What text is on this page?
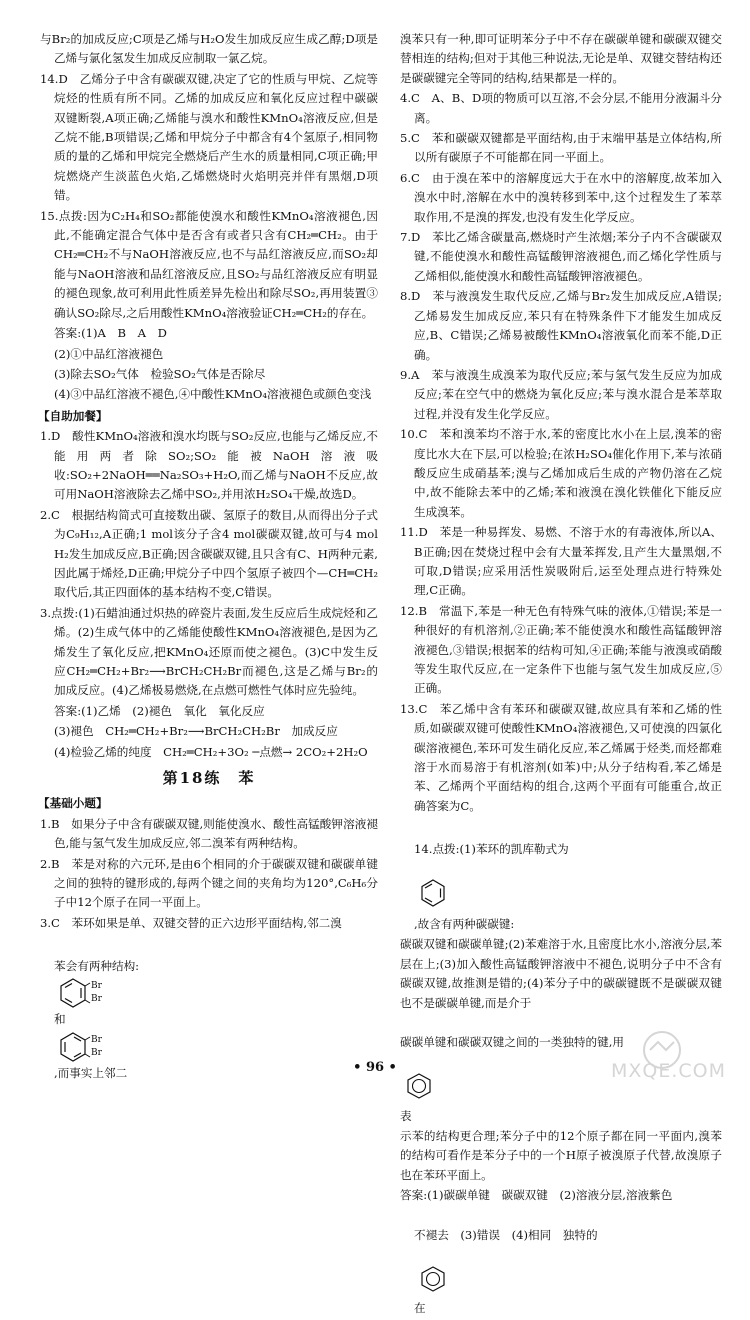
与Br₂的加成反应;C项是乙烯与H₂O发生加成反应生成乙醇;D项是乙烯与氯化氢发生加成反应制取一氯乙烷。

14.D　乙烯分子中含有碳碳双键,决定了它的性质与甲烷、乙烷等烷烃的性质有所不同。乙烯的加成反应和氧化反应过程中碳碳双键断裂,A项正确;乙烯能与溴水和酸性KMnO₄溶液反应,但是乙烷不能,B项错误;乙烯和甲烷分子中都含有4个氢原子,相同物质的量的乙烯和甲烷完全燃烧后产生水的质量相同,C项正确;甲烷燃烧产生淡蓝色火焰,乙烯燃烧时火焰明亮并伴有黑烟,D项错。

15.点拨:因为C₂H₄和SO₂都能使溴水和酸性KMnO₄溶液褪色,因此,不能确定混合气体中是否含有或者只含有CH₂═CH₂。由于CH₂═CH₂不与NaOH溶液反应,也不与品红溶液反应,而SO₂却能与NaOH溶液和品红溶液反应,且SO₂与品红溶液反应有明显的褪色现象,故可利用此性质差异先检出和除尽SO₂,再用装置③确认SO₂除尽,之后用酸性KMnO₄溶液验证CH₂═CH₂的存在。

答案:(1)A　B　A　D

(2)①中品红溶液褪色

(3)除去SO₂气体　检验SO₂气体是否除尽

(4)③中品红溶液不褪色,④中酸性KMnO₄溶液褪色或颜色变浅

【自助加餐】

1.D　酸性KMnO₄溶液和溴水均既与SO₂反应,也能与乙烯反应,不能用两者除SO₂;SO₂能被NaOH溶液吸收:SO₂+2NaOH══Na₂SO₃+H₂O,而乙烯与NaOH不反应,故可用NaOH溶液除去乙烯中SO₂,并用浓H₂SO₄干燥,故选D。

2.C　根据结构简式可直接数出碳、氢原子的数目,从而得出分子式为C₉H₁₂,A正确;1 mol该分子含4 mol碳碳双键,故可与4 mol H₂发生加成反应,B正确;因含碳碳双键,且只含有C、H两种元素,因此属于烯烃,D正确;甲烷分子中四个氢原子被四个—CH═CH₂取代后,其正四面体的基本结构不变,C错误。

3.点拨:(1)石蜡油通过炽热的碎瓷片表面,发生反应后生成烷烃和乙烯。(2)生成气体中的乙烯能使酸性KMnO₄溶液褪色,是因为乙烯发生了氧化反应,把KMnO₄还原而使之褪色。(3)C中发生反应CH₂═CH₂+Br₂⟶BrCH₂CH₂Br而褪色,这是乙烯与Br₂的加成反应。(4)乙烯极易燃烧,在点燃可燃性气体时应先验纯。

答案:(1)乙烯　(2)褪色　氧化　氧化反应

(3)褪色　CH₂═CH₂+Br₂⟶BrCH₂CH₂Br　加成反应

(4)检验乙烯的纯度　CH₂═CH₂+3O₂ ─点燃→ 2CO₂+2H₂O

第18练　苯

【基础小题】

1.B　如果分子中含有碳碳双键,则能使溴水、酸性高锰酸钾溶液褪色,能与氢气发生加成反应,邻二溴苯有两种结构。

2.B　苯是对称的六元环,是由6个相同的介于碳碳双键和碳碳单键之间的独特的键形成的,每两个键之间的夹角均为120°,C₆H₆分子中12个原子在同一平面上。

3.C　苯环如果是单、双键交替的正六边形平面结构,邻二溴

苯会有两种结构:

Br
Br

和

Br
Br

,而事实上邻二

溴苯只有一种,即可证明苯分子中不存在碳碳单键和碳碳双键交替相连的结构;但对于其他三种说法,无论是单、双键交替结构还是碳碳键完全等同的结构,结果都是一样的。

4.C　A、B、D项的物质可以互溶,不会分层,不能用分液漏斗分离。

5.C　苯和碳碳双键都是平面结构,由于末端甲基是立体结构,所以所有碳原子不可能都在同一平面上。

6.C　由于溴在苯中的溶解度远大于在水中的溶解度,故苯加入溴水中时,溶解在水中的溴转移到苯中,这个过程发生了苯萃取作用,不是溴的挥发,也没有发生化学反应。

7.D　苯比乙烯含碳量高,燃烧时产生浓烟;苯分子内不含碳碳双键,不能使溴水和酸性高锰酸钾溶液褪色,而乙烯化学性质与乙烯相似,能使溴水和酸性高锰酸钾溶液褪色。

8.D　苯与液溴发生取代反应,乙烯与Br₂发生加成反应,A错误;乙烯易发生加成反应,苯只有在特殊条件下才能发生加成反应,B、C错误;乙烯易被酸性KMnO₄溶液氧化而苯不能,D正确。

9.A　苯与液溴生成溴苯为取代反应;苯与氢气发生反应为加成反应;苯在空气中的燃烧为氧化反应;苯与溴水混合是苯萃取过程,并没有发生化学反应。

10.C　苯和溴苯均不溶于水,苯的密度比水小在上层,溴苯的密度比水大在下层,可以检验;在浓H₂SO₄催化作用下,苯与浓硝酸反应生成硝基苯;溴与乙烯加成后生成的产物仍溶在乙烷中,故不能除去苯中的乙烯;苯和液溴在溴化铁催化下能反应生成溴苯。

11.D　苯是一种易挥发、易燃、不溶于水的有毒液体,所以A、B正确;因在焚烧过程中会有大量苯挥发,且产生大量黑烟,不可取,D错误;应采用活性炭吸附后,运至处理点进行特殊处理,C正确。

12.B　常温下,苯是一种无色有特殊气味的液体,①错误;苯是一种很好的有机溶剂,②正确;苯不能使溴水和酸性高锰酸钾溶液褪色,③错误;根据苯的结构可知,④正确;苯能与液溴或硝酸等发生取代反应,在一定条件下也能与氢气发生加成反应,⑤正确。

13.C　苯乙烯中含有苯环和碳碳双键,故应具有苯和乙烯的性质,如碳碳双键可使酸性KMnO₄溶液褪色,又可使溴的四氯化碳溶液褪色,苯环可发生硝化反应,苯乙烯属于烃类,而烃都难溶于水而易溶于有机溶剂(如苯)中;从分子结构看,苯乙烯是苯、乙烯两个平面结构的组合,这两个平面有可能重合,故正确答案为C。

14.点拨:(1)苯环的凯库勒式为

,故含有两种碳碳键:

碳碳双键和碳碳单键;(2)苯难溶于水,且密度比水小,溶液分层,苯层在上;(3)加入酸性高锰酸钾溶液中不褪色,说明分子中不含有碳碳双键,故推测是错的;(4)苯分子中的碳碳键既不是碳碳双键也不是碳碳单键,而是介于

碳碳单键和碳碳双键之间的一类独特的键,用

表

示苯的结构更合理;苯分子中的12个原子都在同一平面内,溴苯的结构可看作是苯分子中的一个H原子被溴原子代替,故溴原子也在苯环平面上。

答案:(1)碳碳单键　碳碳双键　(2)溶液分层,溶液紫色

不褪去　(3)错误　(4)相同　独特的

在

• 96 •	MXQE.COM
